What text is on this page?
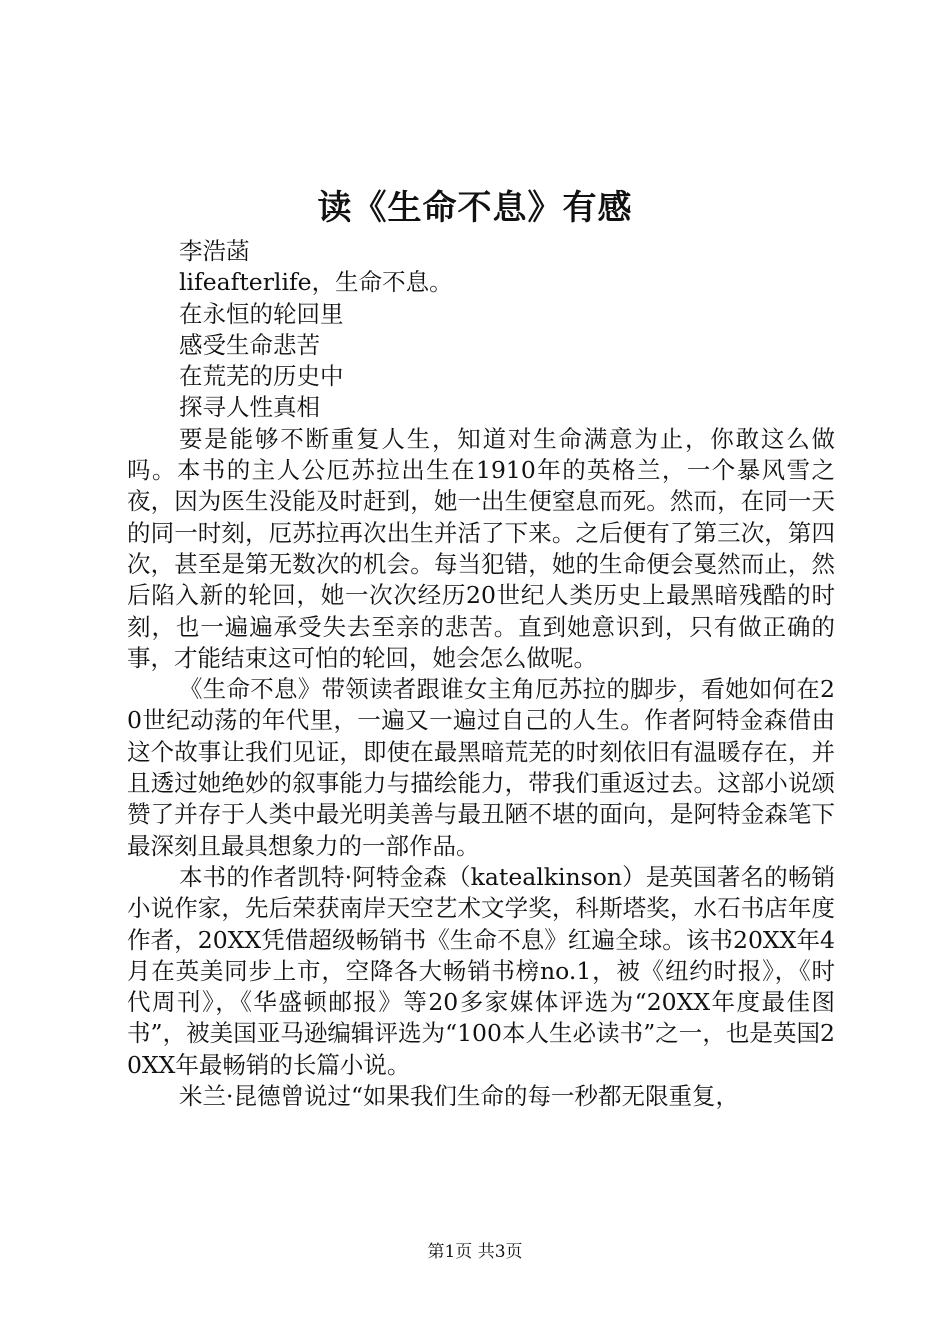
读《生命不息》有感

李浩菡

lifeafterlife，生命不息。

在永恒的轮回里

感受生命悲苦

在荒芜的历史中

探寻人性真相

要是能够不断重复人生，知道对生命满意为止，你敢这么做吗。本书的主人公厄苏拉出生在1910年的英格兰，一个暴风雪之夜，因为医生没能及时赶到，她一出生便窒息而死。然而，在同一天的同一时刻，厄苏拉再次出生并活了下来。之后便有了第三次，第四次，甚至是第无数次的机会。每当犯错，她的生命便会戛然而止，然后陷入新的轮回，她一次次经历20世纪人类历史上最黑暗残酷的时刻，也一遍遍承受失去至亲的悲苦。直到她意识到，只有做正确的事，才能结束这可怕的轮回，她会怎么做呢。

《生命不息》带领读者跟谁女主角厄苏拉的脚步，看她如何在20世纪动荡的年代里，一遍又一遍过自己的人生。作者阿特金森借由这个故事让我们见证，即使在最黑暗荒芜的时刻依旧有温暖存在，并且透过她绝妙的叙事能力与描绘能力，带我们重返过去。这部小说颂赞了并存于人类中最光明美善与最丑陋不堪的面向，是阿特金森笔下最深刻且最具想象力的一部作品。

本书的作者凯特·阿特金森（katealkinson）是英国著名的畅销小说作家，先后荣获南岸天空艺术文学奖，科斯塔奖，水石书店年度作者，20XX凭借超级畅销书《生命不息》红遍全球。该书20XX年4月在英美同步上市，空降各大畅销书榜no.1，被《纽约时报》，《时代周刊》，《华盛顿邮报》等20多家媒体评选为“20XX年度最佳图书”，被美国亚马逊编辑评选为“100本人生必读书”之一，也是英国20XX年最畅销的长篇小说。

米兰·昆德曾说过“如果我们生命的每一秒都无限重复，

第1页 共3页
